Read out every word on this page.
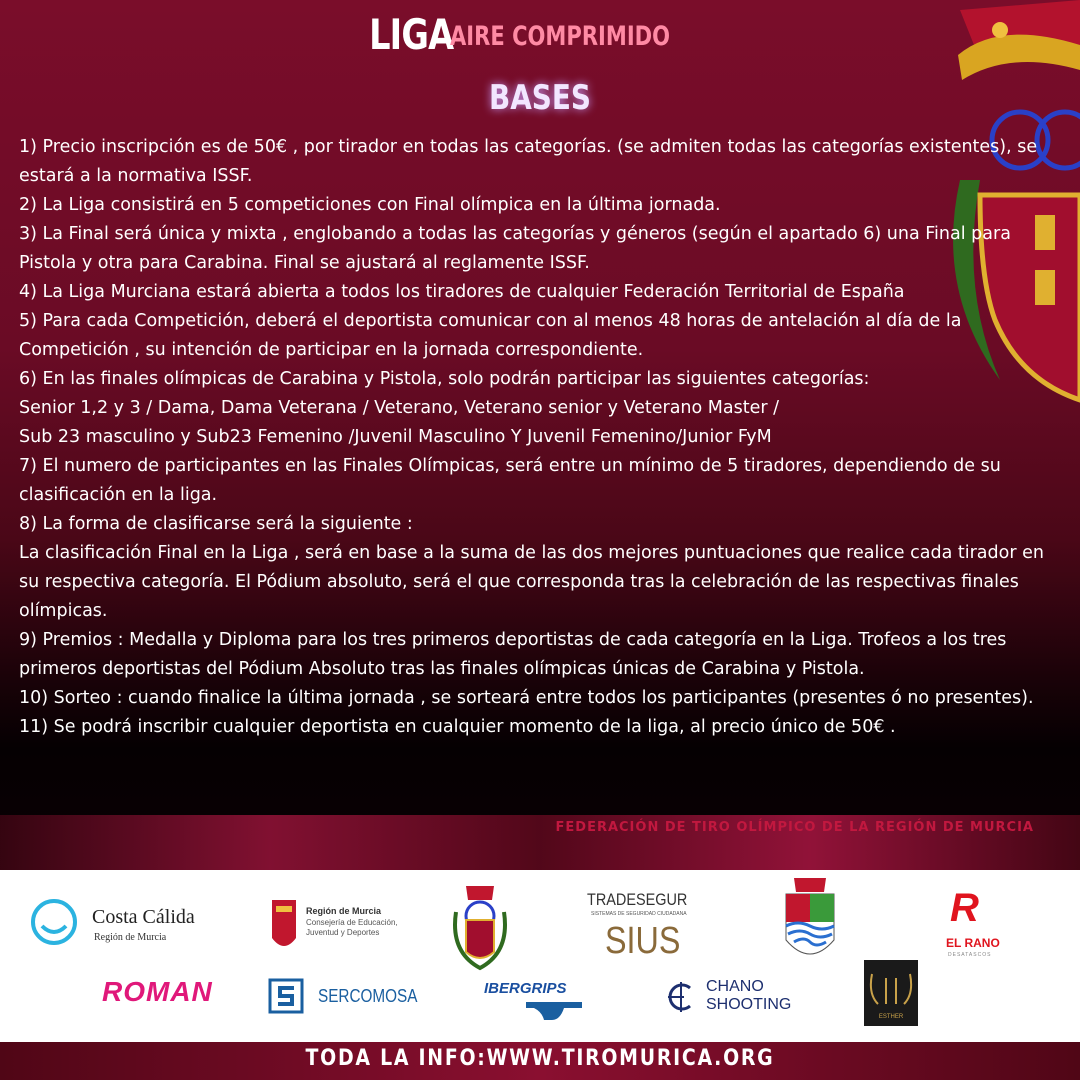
LIGA AIRE COMPRIMIDO
BASES
1) Precio inscripción es de 50€ , por tirador en todas las categorías. (se admiten todas las categorías existentes), se estará a la normativa ISSF.
2) La Liga consistirá en 5 competiciones con Final olímpica en la última jornada.
3) La Final será única y mixta , englobando a todas las categorías y géneros (según el apartado 6) una Final para Pistola y otra para Carabina. Final se ajustará al reglamente ISSF.
4) La Liga Murciana estará abierta a todos los tiradores de cualquier Federación Territorial de España
5) Para cada Competición, deberá el deportista comunicar con al menos 48 horas de antelación al día de la Competición , su intención de participar en la jornada correspondiente.
6) En las finales olímpicas de Carabina y Pistola, solo podrán participar las siguientes categorías:
Senior 1,2 y 3 / Dama, Dama Veterana / Veterano, Veterano senior y Veterano Master /
Sub 23 masculino y Sub23 Femenino /Juvenil Masculino Y Juvenil Femenino/Junior FyM
7) El numero de participantes en las Finales Olímpicas, será entre un mínimo de 5 tiradores, dependiendo de su clasificación en la liga.
8) La forma de clasificarse será la siguiente :
La clasificación Final en la Liga , será en base a la suma de las dos mejores puntuaciones que realice cada tirador en su respectiva categoría. El Pódium absoluto, será el que corresponda tras la celebración de las respectivas finales olímpicas.
9) Premios : Medalla y Diploma para los tres primeros deportistas de cada categoría en la Liga. Trofeos a los tres primeros deportistas del Pódium Absoluto tras las finales olímpicas únicas de Carabina y Pistola.
10) Sorteo : cuando finalice la última jornada , se sorteará entre todos los participantes (presentes ó no presentes).
11) Se podrá inscribir cualquier deportista en cualquier momento de la liga, al precio único de 50€ .
FEDERACIÓN DE TIRO OLÍMPICO DE LA REGIÓN DE MURCIA
Costa Cálida
Región de Murcia
Región de Murcia
Consejería de Educación,
Juventud y Deportes
TRADESEGUR
SISTEMAS DE SEGURIDAD CIUDADANA
SIUS
R
EL RANO
DESATASCOS
ROMAN	SERCOMOSA	IBERGRIPS	CHANO
SHOOTING
ESTHER
TODA LA INFO:WWW.TIROMURICA.ORG
